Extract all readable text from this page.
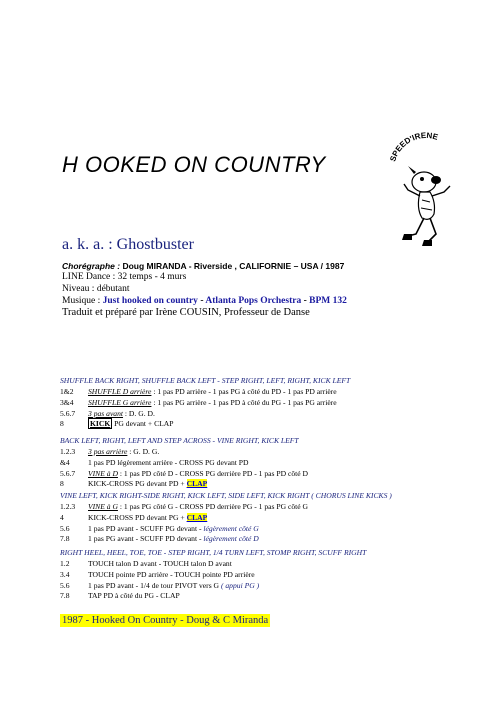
H OOKED ON COUNTRY	SPEED'IRENE
a. k. a. : Ghostbuster
Chorégraphe : Doug MIRANDA - Riverside , CALIFORNIE – USA / 1987
LINE Dance : 32 temps - 4 murs
Niveau : débutant
Musique : Just hooked on country - Atlanta Pops Orchestra - BPM 132
Traduit et préparé par Irène COUSIN, Professeur de Danse
SHUFFLE BACK RIGHT, SHUFFLE BACK LEFT - STEP RIGHT, LEFT, RIGHT, KICK LEFT
1&2 SHUFFLE D arrière : 1 pas PD arrière - 1 pas PG à côté du PD - 1 pas PD arrière
3&4 SHUFFLE G arrière : 1 pas PG arrière - 1 pas PD à côté du PG - 1 pas PG arrière
5.6.7 3 pas avant : D. G. D.
8	KICK PG devant + CLAP
BACK LEFT, RIGHT, LEFT AND STEP ACROSS - VINE RIGHT, KICK LEFT
1.2.3 3 pas arrière : G. D. G.
&4 1 pas PD légèrement arrière - CROSS PG devant PD
5.6.7 VINE à D : 1 pas PD côté D - CROSS PG derrière PD - 1 pas PD côté D
8	KICK-CROSS PG devant PD + CLAP
VINE LEFT, KICK RIGHT-SIDE RIGHT, KICK LEFT, SIDE LEFT, KICK RIGHT ( CHORUS LINE KICKS )
1.2.3 VINE à G : 1 pas PG côté G - CROSS PD derrière PG - 1 pas PG côté G
4	KICK-CROSS PD devant PG + CLAP
5.6 1 pas PD avant - SCUFF PG devant - légèrement côté G
7.8 1 pas PG avant - SCUFF PD devant - légèrement côté D
RIGHT HEEL, HEEL, TOE, TOE - STEP RIGHT, 1/4 TURN LEFT, STOMP RIGHT, SCUFF RIGHT
1.2 TOUCH talon D avant - TOUCH talon D avant
3.4 TOUCH pointe PD arrière - TOUCH pointe PD arrière
5.6 1 pas PD avant - 1/4 de tour PIVOT vers G ( appui PG )
7.8 TAP PD à côté du PG - CLAP
1987 - Hooked On Country - Doug & C Miranda
